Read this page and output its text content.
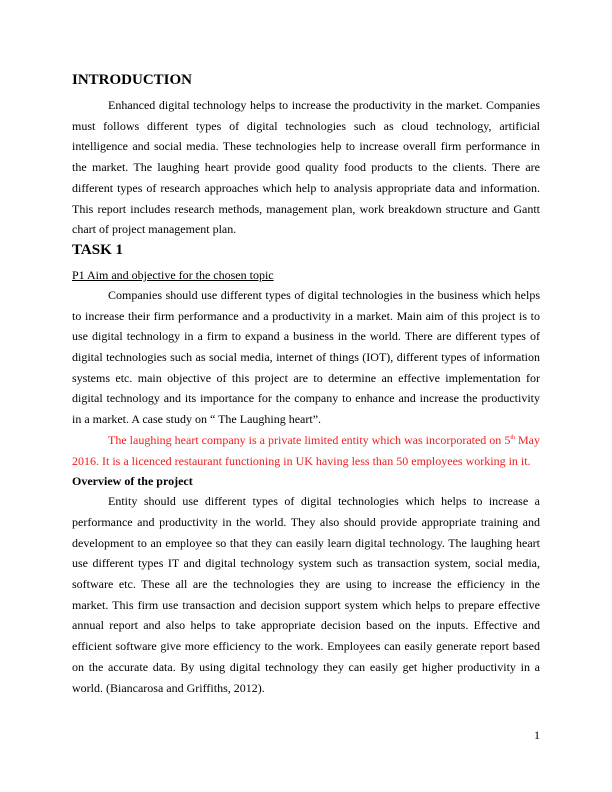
INTRODUCTION

Enhanced digital technology helps to increase the productivity in the market. Companies must follows different types of digital technologies such as cloud technology, artificial intelligence and social media. These technologies help to increase overall firm performance in the market. The laughing heart provide good quality food products to the clients. There are different types of research approaches which help to analysis appropriate data and information. This report includes research methods, management plan, work breakdown structure and Gantt chart of project management plan.

TASK 1

P1 Aim and objective for the chosen topic

Companies should use different types of digital technologies in the business which helps to increase their firm performance and a productivity in a market. Main aim of this project is to use digital technology in a firm to expand a business in the world. There are different types of digital technologies such as social media, internet of things (IOT), different types of information systems etc. main objective of this project are to determine an effective implementation for digital technology and its importance for the company to enhance and increase the productivity in a market. A case study on “ The Laughing heart”.

The laughing heart company is a private limited entity which was incorporated on 5th May 2016. It is a licenced restaurant functioning in UK having less than 50 employees working in it.

Overview of the project

Entity should use different types of digital technologies which helps to increase a performance and productivity in the world. They also should provide appropriate training and development to an employee so that they can easily learn digital technology. The laughing heart use different types IT and digital technology system such as transaction system, social media, software etc. These all are the technologies they are using to increase the efficiency in the market. This firm use transaction and decision support system which helps to prepare effective annual report and also helps to take appropriate decision based on the inputs. Effective and efficient software give more efficiency to the work. Employees can easily generate report based on the accurate data. By using digital technology they can easily get higher productivity in a world. (Biancarosa and Griffiths, 2012).

1
